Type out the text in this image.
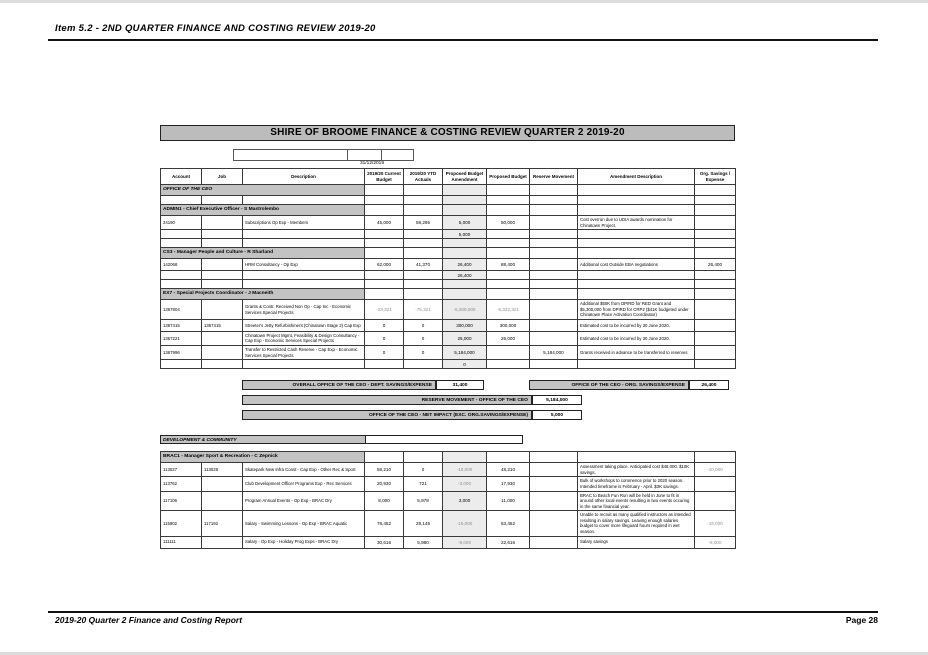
Item 5.2 - 2ND QUARTER FINANCE AND COSTING REVIEW 2019-20
SHIRE OF BROOME FINANCE & COSTING REVIEW QUARTER 2 2019-20
31/12/2019
Account	Job	Description	2019/20 Current Budget	2019/20 YTD Actuals	Proposed Budget Amendment	Proposed Budget	Reserve Movement	Amendment Description	Org. Savings / Expense
OFFICE OF THE CEO									

ADMIN1 - Chief Executive Officer - S Mastrolembo									
24190		Subscriptions Op Exp - Members	45,000	59,295	5,000	50,000		Cost overrun due to UDIA awards nomination for Chinatown Project.	
					5,000				

CS3 - Manager People and Culture - R Sharland									
142068		HRM Consultancy - Op Exp	62,000	41,370	26,400	88,400		Additional cost Outside EBA negotiations	26,400
					26,400				

EX7 - Special Projects Coordinator - J Macneith									
1367904		Grants & Contr. Received Non Op - Cap Inc - Economic Services Special Projects	-23,321	-75,321	-5,309,000	-5,332,321		Additional $50K from DPIRD for RED Grant and $5,300,000 from DPIRD for CRP2 ($41K budgeted under Chinatown Place Activation Coordinator)	
1367415	1367415	Streeter's Jetty Refurbishment (Chinatown Stage 2) Cap Exp	0	0	300,000	300,000		Estimated cost to be incurred by 30 June 2020.	
1367221		Chinatown Project Mgmt, Feasibility & Design Consultancy - Cap Exp - Economic Services Special Projects	0	0	25,000	25,000		Estimated cost to be incurred by 30 June 2020.	
1367996		Transfer to Restricted Cash Reserve - Cap Exp - Economic Services Special Projects	0	0	5,184,000		5,184,000	Grants received in advance to be transferred to reserves	
					0				
OVERALL OFFICE OF THE CEO - DEPT. SAVINGS/EXPENSE	31,400	OFFICE OF THE CEO - ORG. SAVINGS/EXPENSE	26,400
RESERVE MOVEMENT - OFFICE OF THE CEO	5,184,000
OFFICE OF THE CEO - NET IMPACT (EXC. ORG.SAVINGS/EXPENSE)	5,000
DEVELOPMENT & COMMUNITY
BRAC1 - Manager Sport & Recreation - C Zepnick									
113027	113028	Skatepark New Infra Const - Cap Exp - Other Rec & Sport	58,210	0	-10,000	48,210		Assessment taking place. Anticipated cost $48,000. $10K savings.	-10,000
113762		Club Development Officer Programs Exp - Rec Services	20,930	721	-3,000	17,930		Bulk of workshops to commence prior to 2020 season. Intended timeframe is February - April. $3K savings.	
117106		Program Annual Events - Op Exp - BRAC Dry	8,000	5,978	3,000	11,000		BRAC to Beach Fun Run will be held in June to fit in around other local events resulting in two events occuring in the same financial year.	
115902	117192	Salary - Swimming Lessons - Op Exp - BRAC Aquatic	78,452	29,145	-15,000	63,452		Unable to recruit as many qualified instructors as intended resulting in salary savings. Leaving enough salaries budget to cover more lifeguard hours required in wet season.	-15,000
111111		Salary - Op Exp - Holiday Prog Exps - BRAC Dry	30,616	5,980	-8,000	22,616		Salary savings	-8,000
2019-20 Quarter 2 Finance and Costing Report	Page 28
